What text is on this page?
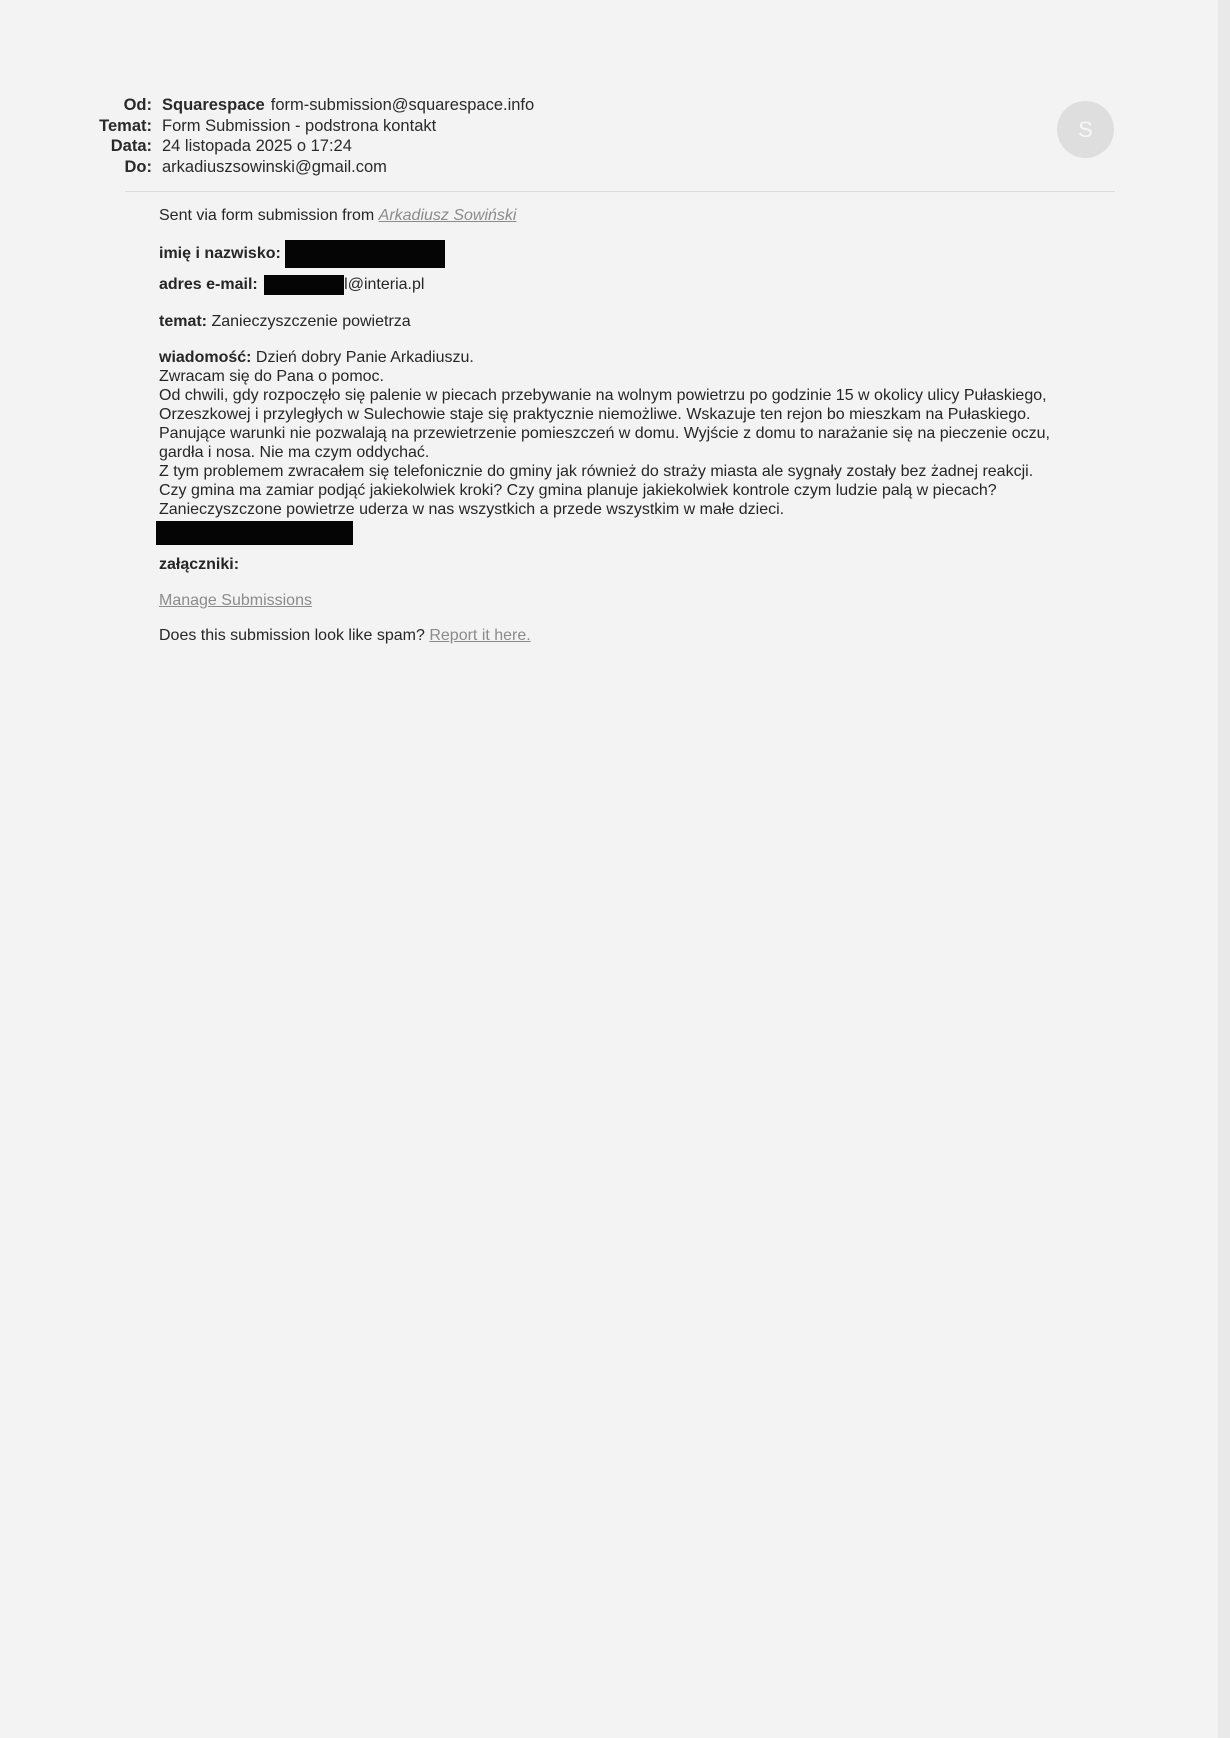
Od: Squarespace form-submission@squarespace.info
Temat: Form Submission - podstrona kontakt
Data: 24 listopada 2025 o 17:24
Do: arkadiuszsowinski@gmail.com
S

Sent via form submission from Arkadiusz Sowiński

imię i nazwisko:

adres e-mail:	l@interia.pl

temat: Zanieczyszczenie powietrza

wiadomość: Dzień dobry Panie Arkadiuszu.
Zwracam się do Pana o pomoc.
Od chwili, gdy rozpoczęło się palenie w piecach przebywanie na wolnym powietrzu po godzinie 15 w okolicy ulicy Pułaskiego,
Orzeszkowej i przyległych w Sulechowie staje się praktycznie niemożliwe. Wskazuje ten rejon bo mieszkam na Pułaskiego.
Panujące warunki nie pozwalają na przewietrzenie pomieszczeń w domu. Wyjście z domu to narażanie się na pieczenie oczu,
gardła i nosa. Nie ma czym oddychać.
Z tym problemem zwracałem się telefonicznie do gminy jak również do straży miasta ale sygnały zostały bez żadnej reakcji.
Czy gmina ma zamiar podjąć jakiekolwiek kroki? Czy gmina planuje jakiekolwiek kontrole czym ludzie palą w piecach?
Zanieczyszczone powietrze uderza w nas wszystkich a przede wszystkim w małe dzieci.

załączniki:

Manage Submissions

Does this submission look like spam? Report it here.
